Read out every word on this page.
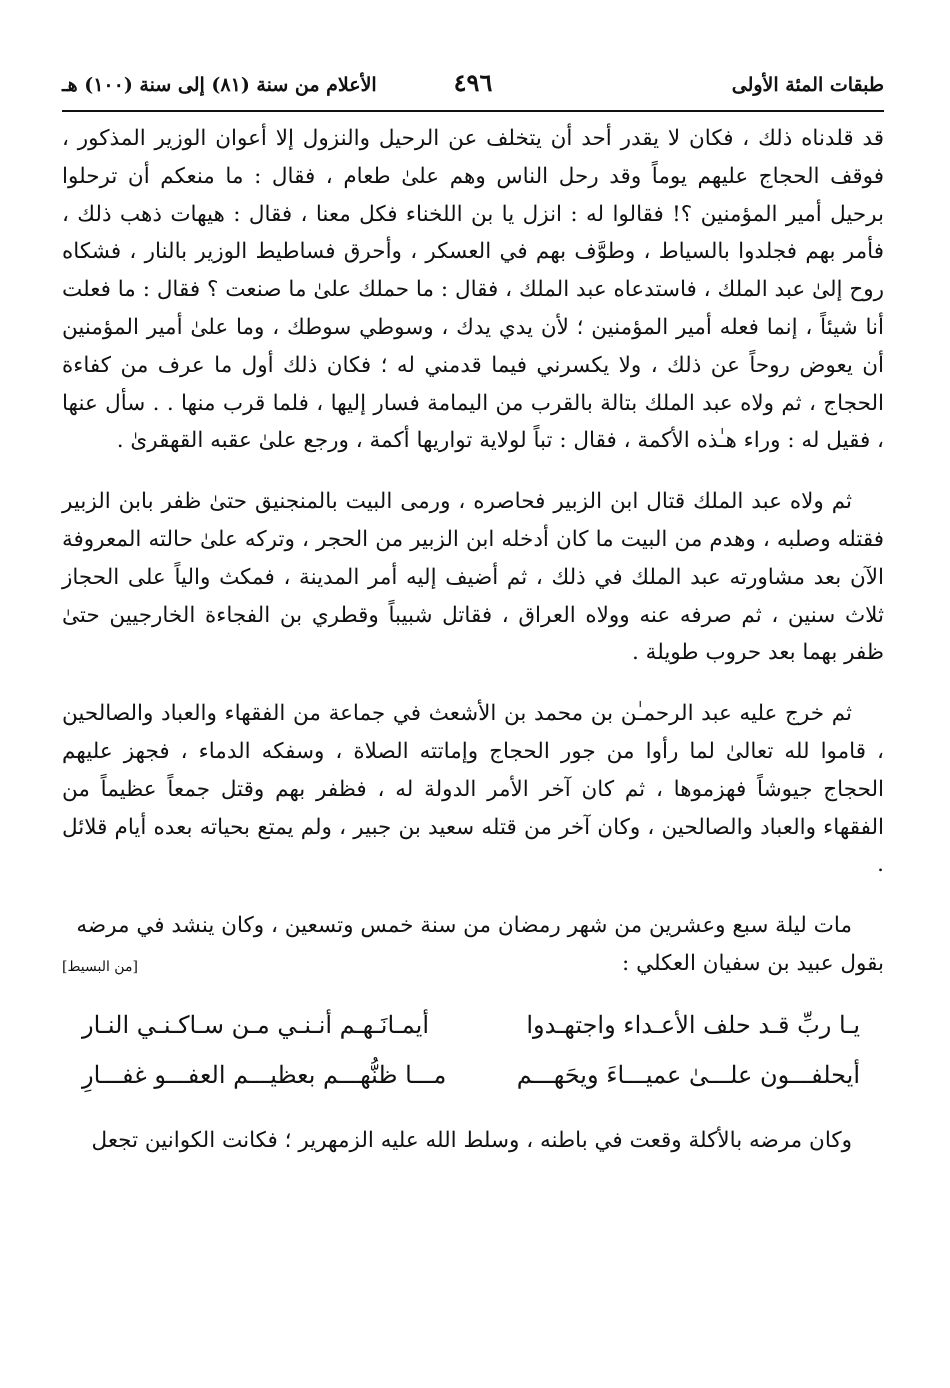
طبقات المئة الأولى
٤٩٦
الأعلام من سنة (٨١) إلى سنة (١٠٠) هـ

قد قلدناه ذلك ، فكان لا يقدر أحد أن يتخلف عن الرحيل والنزول إلا أعوان الوزير المذكور ، فوقف الحجاج عليهم يوماً وقد رحل الناس وهم علىٰ طعام ، فقال : ما منعكم أن ترحلوا برحيل أمير المؤمنين ؟! فقالوا له : انزل يا بن اللخناء فكل معنا ، فقال : هيهات ذهب ذلك ، فأمر بهم فجلدوا بالسياط ، وطوَّف بهم في العسكر ، وأحرق فساطيط الوزير بالنار ، فشكاه روح إلىٰ عبد الملك ، فاستدعاه عبد الملك ، فقال : ما حملك علىٰ ما صنعت ؟ فقال : ما فعلت أنا شيئاً ، إنما فعله أمير المؤمنين ؛ لأن يدي يدك ، وسوطي سوطك ، وما علىٰ أمير المؤمنين أن يعوض روحاً عن ذلك ، ولا يكسرني فيما قدمني له ؛ فكان ذلك أول ما عرف من كفاءة الحجاج ، ثم ولاه عبد الملك بتالة بالقرب من اليمامة فسار إليها ، فلما قرب منها . . سأل عنها ، فقيل له : وراء هـٰذه الأكمة ، فقال : تباً لولاية تواريها أكمة ، ورجع علىٰ عقبه القهقرىٰ .

ثم ولاه عبد الملك قتال ابن الزبير فحاصره ، ورمى البيت بالمنجنيق حتىٰ ظفر بابن الزبير فقتله وصلبه ، وهدم من البيت ما كان أدخله ابن الزبير من الحجر ، وتركه علىٰ حالته المعروفة الآن بعد مشاورته عبد الملك في ذلك ، ثم أضيف إليه أمر المدينة ، فمكث والياً على الحجاز ثلاث سنين ، ثم صرفه عنه وولاه العراق ، فقاتل شبيباً وقطري بن الفجاءة الخارجيين حتىٰ ظفر بهما بعد حروب طويلة .

ثم خرج عليه عبد الرحمـٰن بن محمد بن الأشعث في جماعة من الفقهاء والعباد والصالحين ، قاموا لله تعالىٰ لما رأوا من جور الحجاج وإماتته الصلاة ، وسفكه الدماء ، فجهز عليهم الحجاج جيوشاً فهزموها ، ثم كان آخر الأمر الدولة له ، فظفر بهم وقتل جمعاً عظيماً من الفقهاء والعباد والصالحين ، وكان آخر من قتله سعيد بن جبير ، ولم يمتع بحياته بعده أيام قلائل .

مات ليلة سبع وعشرين من شهر رمضان من سنة خمس وتسعين ، وكان ينشد في مرضه

بقول عبيد بن سفيان العكلي :
[من البسيط]
يـا ربِّ قـد حلف الأعـداء واجتهـدوا
أيمـانَـهـم أنـنـي مـن سـاكـنـي النـار
أيحلفـــون علـــىٰ عميـــاءَ ويحَهـــم
مـــا ظنُّهـــم بعظيـــم العفـــو غفـــارِ

وكان مرضه بالأكلة وقعت في باطنه ، وسلط الله عليه الزمهرير ؛ فكانت الكوانين تجعل
